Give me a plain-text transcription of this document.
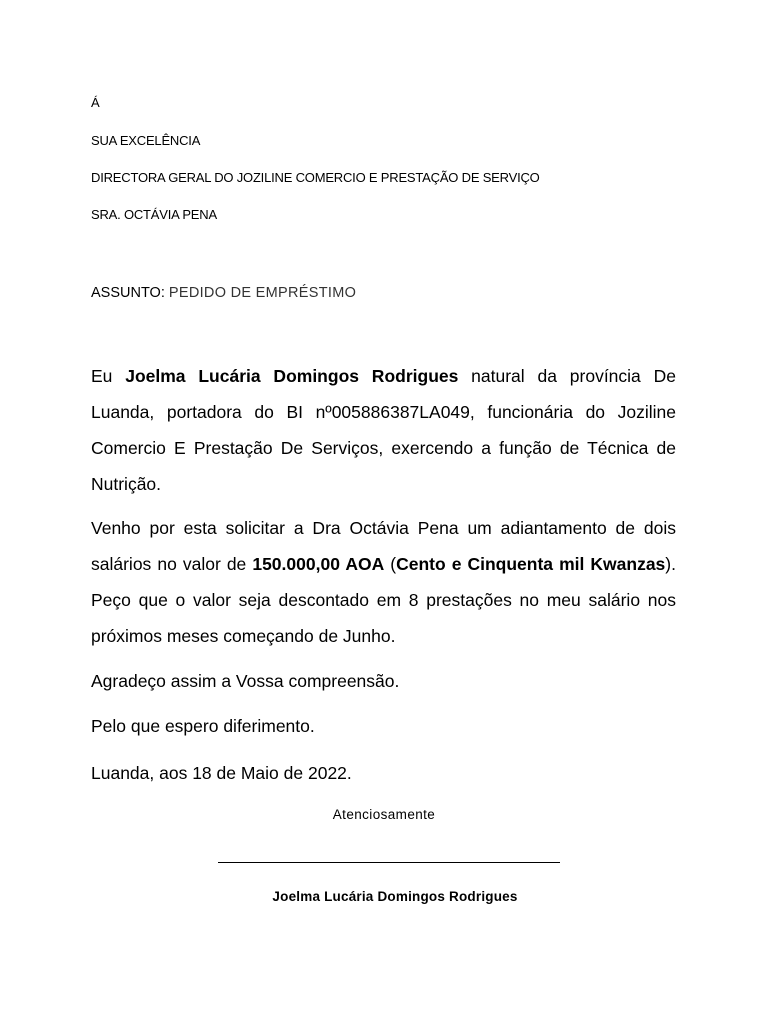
Á
SUA EXCELÊNCIA
DIRECTORA GERAL DO JOZILINE COMERCIO E PRESTAÇÃO DE SERVIÇO
SRA. OCTÁVIA PENA
ASSUNTO: PEDIDO DE EMPRÉSTIMO
Eu Joelma Lucária Domingos Rodrigues natural da província De Luanda, portadora do BI nº005886387LA049, funcionária do Joziline Comercio E Prestação De Serviços, exercendo a função de Técnica de Nutrição.
Venho por esta solicitar a Dra Octávia Pena um adiantamento de dois salários no valor de 150.000,00 AOA (Cento e Cinquenta mil Kwanzas). Peço que o valor seja descontado em 8 prestações no meu salário nos próximos meses começando de Junho.
Agradeço assim a Vossa compreensão.
Pelo que espero diferimento.
Luanda, aos 18 de Maio de 2022.
Atenciosamente
Joelma Lucária Domingos Rodrigues
